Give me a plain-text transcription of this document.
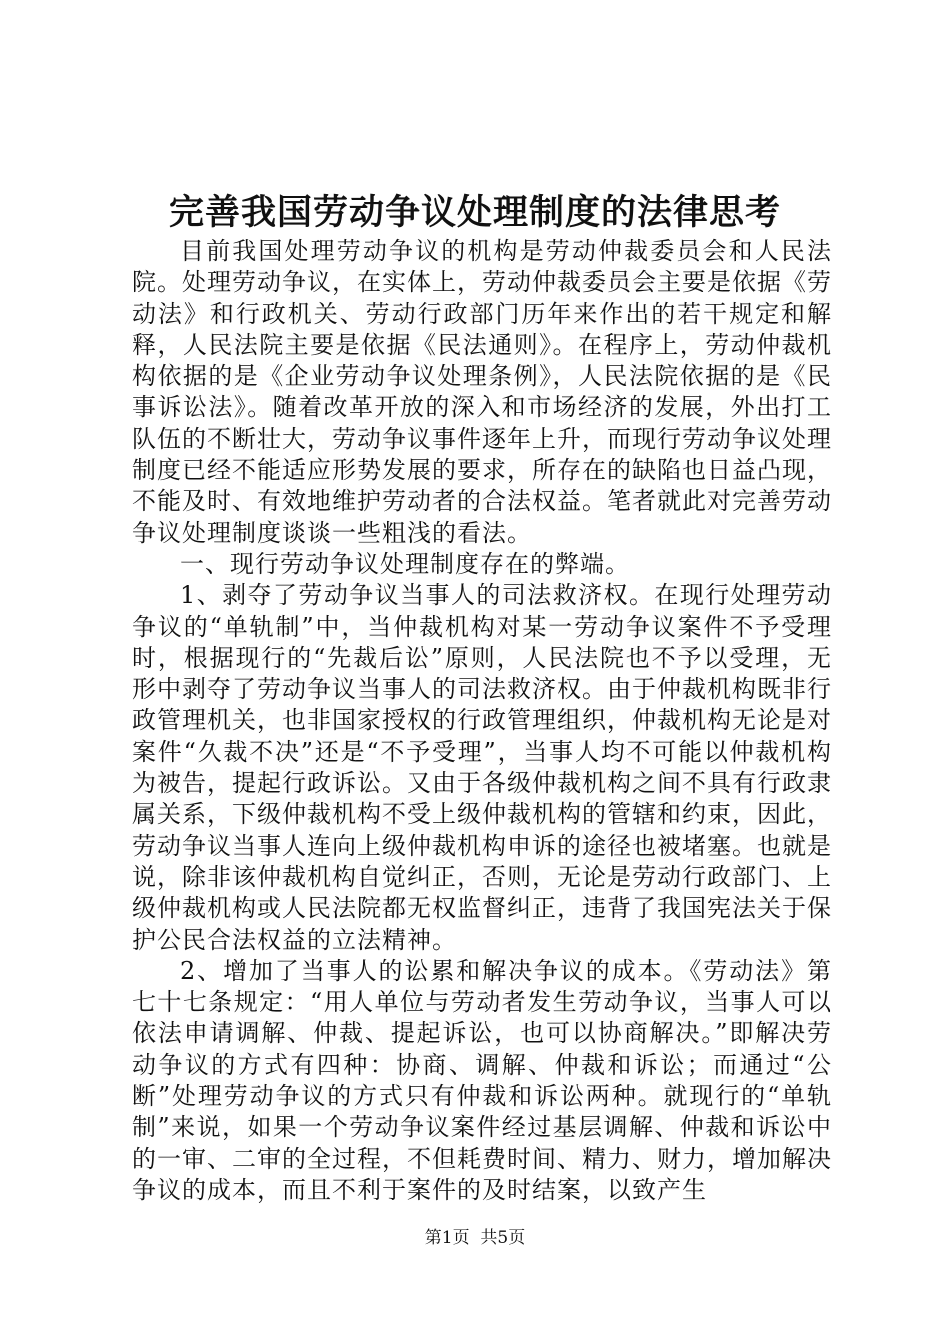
完善我国劳动争议处理制度的法律思考

目前我国处理劳动争议的机构是劳动仲裁委员会和人民法院。处理劳动争议，在实体上，劳动仲裁委员会主要是依据《劳动法》和行政机关、劳动行政部门历年来作出的若干规定和解释，人民法院主要是依据《民法通则》。在程序上，劳动仲裁机构依据的是《企业劳动争议处理条例》，人民法院依据的是《民事诉讼法》。随着改革开放的深入和市场经济的发展，外出打工队伍的不断壮大，劳动争议事件逐年上升，而现行劳动争议处理制度已经不能适应形势发展的要求，所存在的缺陷也日益凸现，不能及时、有效地维护劳动者的合法权益。笔者就此对完善劳动争议处理制度谈谈一些粗浅的看法。

一、现行劳动争议处理制度存在的弊端。

1、剥夺了劳动争议当事人的司法救济权。在现行处理劳动争议的“单轨制”中，当仲裁机构对某一劳动争议案件不予受理时，根据现行的“先裁后讼”原则，人民法院也不予以受理，无形中剥夺了劳动争议当事人的司法救济权。由于仲裁机构既非行政管理机关，也非国家授权的行政管理组织，仲裁机构无论是对案件“久裁不决”还是“不予受理”，当事人均不可能以仲裁机构为被告，提起行政诉讼。又由于各级仲裁机构之间不具有行政隶属关系，下级仲裁机构不受上级仲裁机构的管辖和约束，因此，劳动争议当事人连向上级仲裁机构申诉的途径也被堵塞。也就是说，除非该仲裁机构自觉纠正，否则，无论是劳动行政部门、上级仲裁机构或人民法院都无权监督纠正，违背了我国宪法关于保护公民合法权益的立法精神。

2、增加了当事人的讼累和解决争议的成本。《劳动法》第七十七条规定：“用人单位与劳动者发生劳动争议，当事人可以依法申请调解、仲裁、提起诉讼，也可以协商解决。”即解决劳动争议的方式有四种：协商、调解、仲裁和诉讼；而通过“公断”处理劳动争议的方式只有仲裁和诉讼两种。就现行的“单轨制”来说，如果一个劳动争议案件经过基层调解、仲裁和诉讼中的一审、二审的全过程，不但耗费时间、精力、财力，增加解决争议的成本，而且不利于案件的及时结案，以致产生

第1页  共5页
